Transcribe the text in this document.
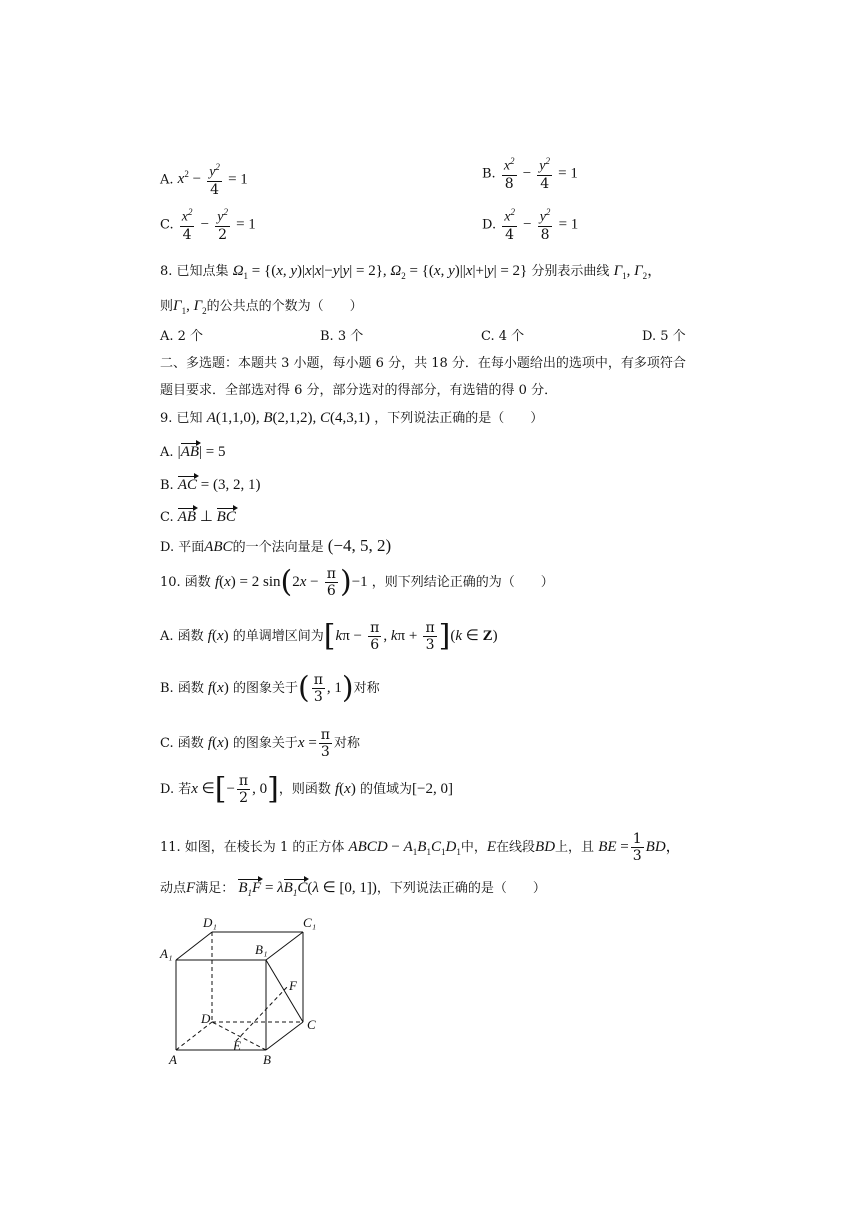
A. $x^2 - \frac{y^2}{4} = 1$	B. $\frac{x^2}{8} - \frac{y^2}{4} = 1$
C. $\frac{x^2}{4} - \frac{y^2}{2} = 1$	D. $\frac{x^2}{4} - \frac{y^2}{8} = 1$
8. 已知点集 $\Omega_1 = \{(x$, y)|x|x|−y|y| = 2}, $\Omega_2 = \{(x$, y)||x|+|y| = 2} 分别表示曲线 $\Gamma_1$, $\Gamma_2$，
则$\Gamma_1$, $\Gamma_2$的公共点的个数为（　　）
A. 2 个	B. 3 个	C. 4 个	D. 5 个
二、多选题：本题共 3 小题，每小题 6 分，共 18 分．在每小题给出的选项中，有多项符合
题目要求．全部选对得 6 分，部分选对的得部分，有选错的得 0 分．
9. 已知 A(1,1,0), B(2,1,2), C(4,3,1) ，下列说法正确的是（　　）
A. |AB| = 5
B. AC = (3, 2, 1)
C. AB ⊥ BC
D. 平面ABC的一个法向量是 (−4, 5, 2)
10. 函数 f(x) = 2 $\sin(2x - \frac{\pi}{6} )-1$ ，则下列结论正确的为（　　）
A. 函数 f(x) 的单调增区间为[$k\pi - \frac{\pi}{6}$ , $k\pi + \frac{\pi}{3} ](k$ ∈ Z)
B. 函数 f(x) 的图象关于( $\frac{\pi}{3}$ , 1)对称
C. 函数 f(x) 的图象关于$x = \frac{\pi}{3}$ 对称
D. 若x ∈[− $\frac{\pi}{2}$ , 0]，则函数 f(x) 的值域为[−2, 0]
11. 如图，在棱长为 1 的正方体 ABCD − $A_1B_1C_1D_1$中，E在线段BD上，且 BE = $\frac{1}{3}$ BD，
动点F满足： $B_1F = \lambda B_1C(\lambda$ ∈ [0, 1])，下列说法正确的是（　　）
D₁	C₁
A₁	B₁
F
D	C
E
A	B
